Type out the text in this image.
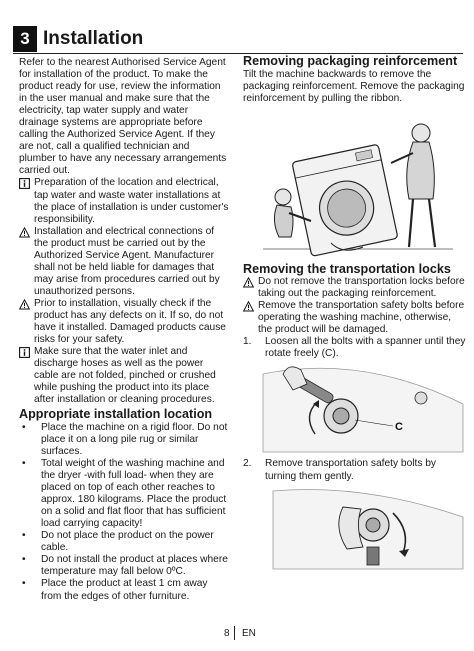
3 Installation

Refer to the nearest Authorised Service Agent for installation of the product. To make the product ready for use, review the information in the user manual and make sure that the electricity, tap water supply and water drainage systems are appropriate before calling the Authorized Service Agent. If they are not, call a qualified technician and plumber to have any necessary arrangements carried out.

Preparation of the location and electrical, tap water and waste water installations at the place of installation is under customer's responsibility.
Installation and electrical connections of the product must be carried out by the Authorized Service Agent. Manufacturer shall not be held liable for damages that may arise from procedures carried out by unauthorized persons.
Prior to installation, visually check if the product has any defects on it. If so, do not have it installed. Damaged products cause risks for your safety.
Make sure that the water inlet and discharge hoses as well as the power cable are not folded, pinched or crushed while pushing the product into its place after installation or cleaning procedures.
Appropriate installation location
• Place the machine on a rigid floor. Do not place it on a long pile rug or similar surfaces.
• Total weight of the washing machine and the dryer -with full load- when they are placed on top of each other reaches to approx. 180 kilograms. Place the product on a solid and flat floor that has sufficient load carrying capacity!
• Do not place the product on the power cable.
• Do not install the product at places where temperature may fall below 0ºC.
• Place the product at least 1 cm away from the edges of other furniture.
Removing packaging reinforcement

Tilt the machine backwards to remove the packaging reinforcement. Remove the packaging reinforcement by pulling the ribbon.

Removing the transportation locks
Do not remove the transportation locks before taking out the packaging reinforcement.
Remove the transportation safety bolts before operating the washing machine, otherwise, the product will be damaged.
1. Loosen all the bolts with a spanner until they rotate freely (C).
C
2. Remove transportation safety bolts by turning them gently.
8 EN
